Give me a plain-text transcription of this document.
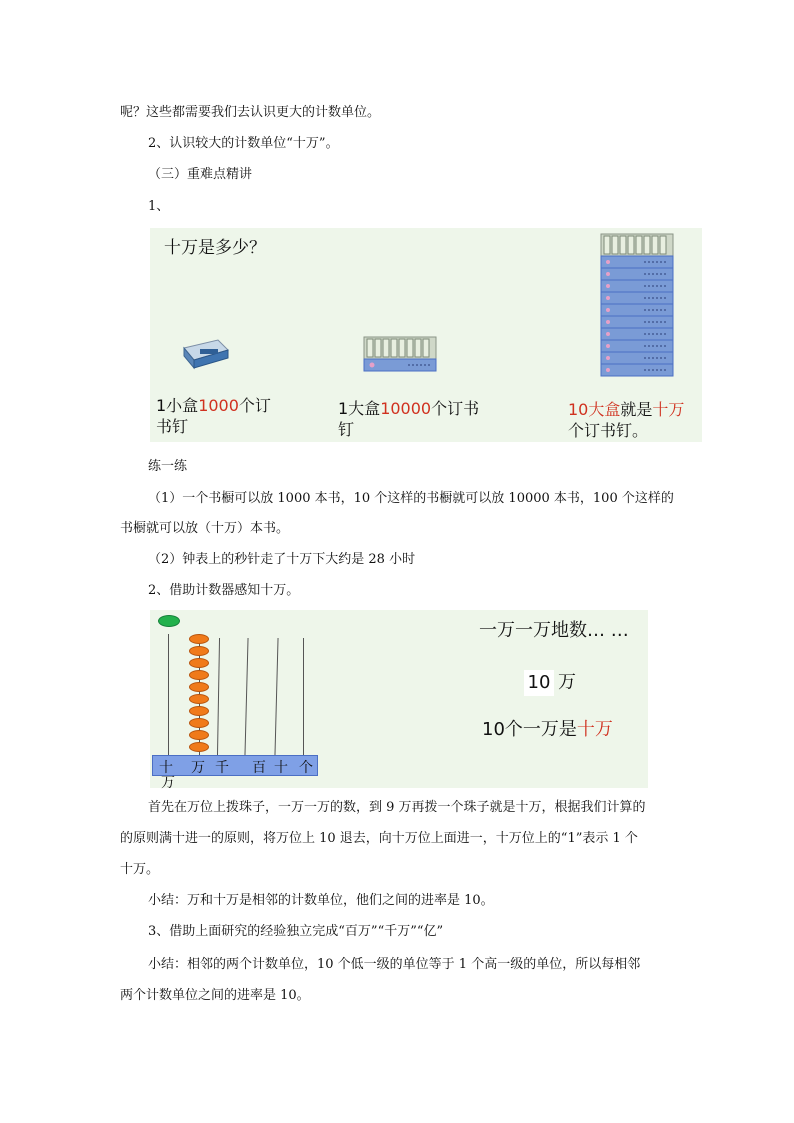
呢？这些都需要我们去认识更大的计数单位。
2、认识较大的计数单位“十万”。
（三）重难点精讲
1、
十万是多少？
1小盒1000个订
书钉
1大盒10000个订书
钉
10大盒就是十万
个订书钉。
练一练
（1）一个书橱可以放 1000 本书，10 个这样的书橱就可以放 10000 本书，100 个这样的
书橱就可以放（十万）本书。
（2）钟表上的秒针走了十万下大约是 28 小时
2、借助计数器感知十万。
十 万 千 百 十 个
万
一万一万地数… …
10 万
10个一万是十万
首先在万位上拨珠子，一万一万的数，到 9 万再拨一个珠子就是十万，根据我们计算的
的原则满十进一的原则，将万位上 10 退去，向十万位上面进一，十万位上的“1”表示 1 个
十万。
小结：万和十万是相邻的计数单位，他们之间的进率是 10。
3、借助上面研究的经验独立完成“百万”“千万”“亿”
小结：相邻的两个计数单位，10 个低一级的单位等于 1 个高一级的单位，所以每相邻
两个计数单位之间的进率是 10。
